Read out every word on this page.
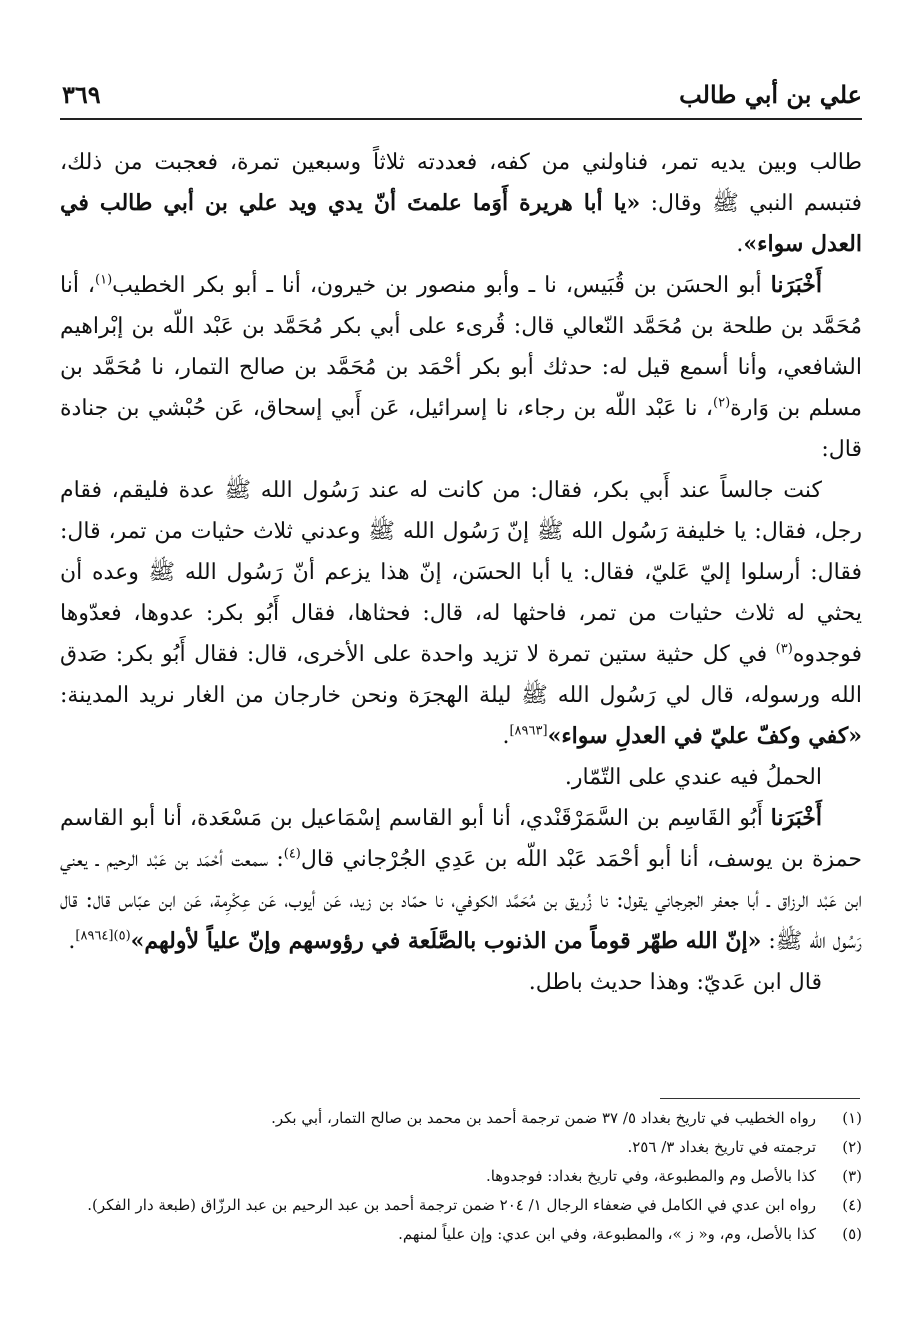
علي بن أبي طالب
٣٦٩

طالب وبين يديه تمر، فناولني من كفه، فعددته ثلاثاً وسبعين تمرة، فعجبت من ذلك، فتبسم النبي ﷺ وقال: «يا أبا هريرة أَوَما علمتَ أنّ يدي ويد علي بن أبي طالب في العدل سواء».

أَخْبَرَنا أبو الحسَن بن قُبَيس، نا ـ وأبو منصور بن خيرون، أنا ـ أبو بكر الخطيب$^{(١)}$، أنا مُحَمَّد بن طلحة بن مُحَمَّد النّعالي قال: قُرىء على أبي بكر مُحَمَّد بن عَبْد اللّه بن إبْراهيم الشافعي، وأنا أسمع قيل له: حدثك أبو بكر أحْمَد بن مُحَمَّد بن صالح التمار، نا مُحَمَّد بن مسلم بن وَارة$^{(٢)}$، نا عَبْد اللّه بن رجاء، نا إسرائيل، عَن أَبي إسحاق، عَن حُبْشي بن جنادة قال:

كنت جالساً عند أَبي بكر، فقال: من كانت له عند رَسُول الله ﷺ عدة فليقم، فقام رجل، فقال: يا خليفة رَسُول الله ﷺ إنّ رَسُول الله ﷺ وعدني ثلاث حثيات من تمر، قال: فقال: أرسلوا إليّ عَليّ، فقال: يا أبا الحسَن، إنّ هذا يزعم أنّ رَسُول الله ﷺ وعده أن يحثي له ثلاث حثيات من تمر، فاحثها له، قال: فحثاها، فقال أَبُو بكر: عدوها، فعدّوها فوجدوه$^{(٣)}$ في كل حثية ستين تمرة لا تزيد واحدة على الأخرى، قال: فقال أَبُو بكر: صَدق الله ورسوله، قال لي رَسُول الله ﷺ ليلة الهجرَة ونحن خارجان من الغار نريد المدينة: «كفي وكفّ عليّ في العدلِ سواء»[٨٩٦٣].

الحملُ فيه عندي على التّمّار.

أَخْبَرَنا أَبُو القَاسِم بن السَّمَرْقَنْدي، أنا أبو القاسم إسْمَاعيل بن مَسْعَدة، أنا أبو القاسم حمزة بن يوسف، أنا أبو أحْمَد عَبْد اللّه بن عَدِي الجُرْجاني قال$^{(٤)}$: سمعت أحْمَد بن عَبْد الرحيم ـ يعني ابن عَبْد الرزاق ـ أبا جعفر الجرجاني يقول: نا زُريق بن مُحَمَّد الكوفي، نا حمّاد بن زيد، عَن أيوب، عَن عِكْرِمة، عَن ابن عبّاس قال: قال رَسُول الله ﷺ: «إنّ الله طهّر قوماً من الذنوب بالصَّلَعة في رؤوسهم وإنّ علياً لأولهم»$^{(٥)[٨٩٦٤]}$.

قال ابن عَديّ: وهذا حديث باطل.

(١)
رواه الخطيب في تاريخ بغداد ٥/ ٣٧ ضمن ترجمة أحمد بن محمد بن صالح التمار، أبي بكر.
(٢)
ترجمته في تاريخ بغداد ٣/ ٢٥٦.
(٣)
كذا بالأصل وم والمطبوعة، وفي تاريخ بغداد: فوجدوها.
(٤)
رواه ابن عدي في الكامل في ضعفاء الرجال ١/ ٢٠٤ ضمن ترجمة أحمد بن عبد الرحيم بن عبد الرزّاق (طبعة دار الفكر).
(٥)
كذا بالأصل، وم، و« ز »، والمطبوعة، وفي ابن عدي: وإن علياً لمنهم.
